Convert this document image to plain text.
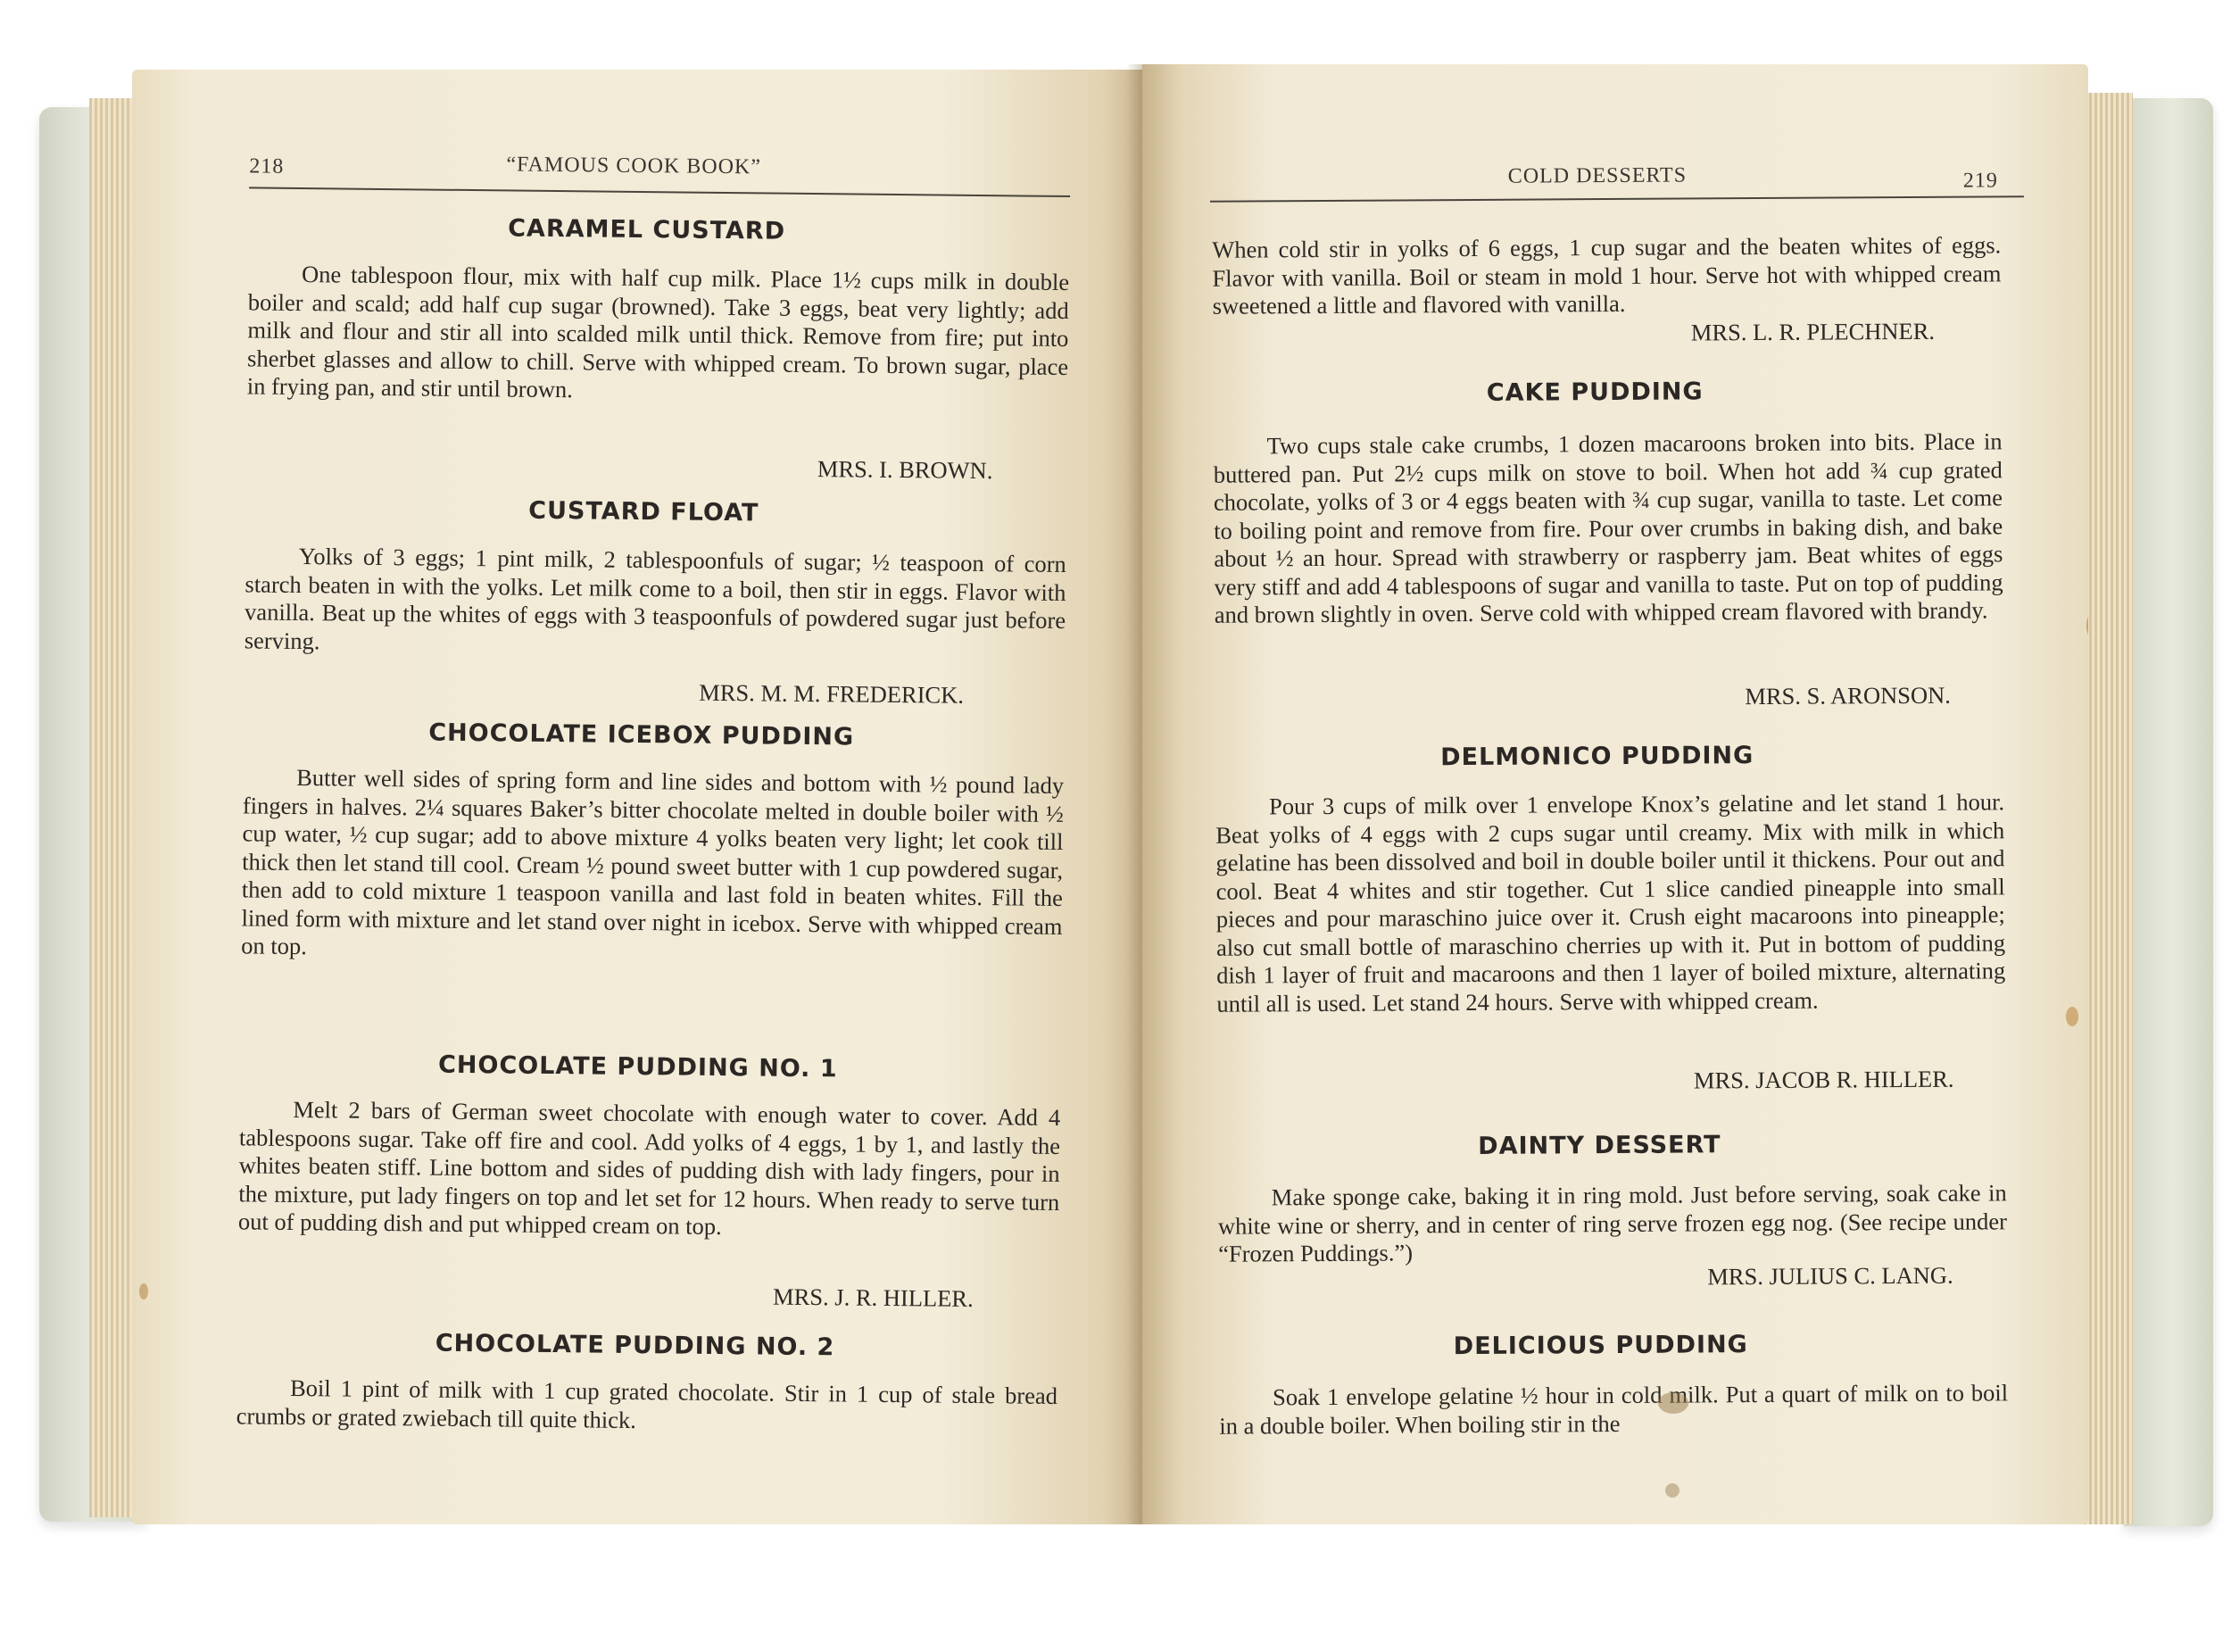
218	“FAMOUS COOK BOOK”
CARAMEL CUSTARD
One tablespoon flour, mix with half cup milk. Place 1½ cups milk in double boiler and scald; add half cup sugar (browned). Take 3 eggs, beat very lightly; add milk and flour and stir all into scalded milk until thick. Remove from fire; put into sherbet glasses and allow to chill. Serve with whipped cream. To brown sugar, place in frying pan, and stir until brown.
MRS. I. BROWN.
CUSTARD FLOAT
Yolks of 3 eggs; 1 pint milk, 2 tablespoonfuls of sugar; ½ teaspoon of corn starch beaten in with the yolks. Let milk come to a boil, then stir in eggs. Flavor with vanilla. Beat up the whites of eggs with 3 teaspoonfuls of powdered sugar just before serving.
MRS. M. M. FREDERICK.
CHOCOLATE ICEBOX PUDDING
Butter well sides of spring form and line sides and bottom with ½ pound lady fingers in halves. 2¼ squares Baker’s bitter chocolate melted in double boiler with ½ cup water, ½ cup sugar; add to above mixture 4 yolks beaten very light; let cook till thick then let stand till cool. Cream ½ pound sweet butter with 1 cup powdered sugar, then add to cold mixture 1 teaspoon vanilla and last fold in beaten whites. Fill the lined form with mixture and let stand over night in icebox. Serve with whipped cream on top.
CHOCOLATE PUDDING NO. 1
Melt 2 bars of German sweet chocolate with enough water to cover. Add 4 tablespoons sugar. Take off fire and cool. Add yolks of 4 eggs, 1 by 1, and lastly the whites beaten stiff. Line bottom and sides of pudding dish with lady fingers, pour in the mixture, put lady fingers on top and let set for 12 hours. When ready to serve turn out of pudding dish and put whipped cream on top.
MRS. J. R. HILLER.
CHOCOLATE PUDDING NO. 2
Boil 1 pint of milk with 1 cup grated chocolate. Stir in 1 cup of stale bread crumbs or grated zwiebach till quite thick.
COLD DESSERTS	219
When cold stir in yolks of 6 eggs, 1 cup sugar and the beaten whites of eggs. Flavor with vanilla. Boil or steam in mold 1 hour. Serve hot with whipped cream sweetened a little and flavored with vanilla.
MRS. L. R. PLECHNER.
CAKE PUDDING
Two cups stale cake crumbs, 1 dozen macaroons broken into bits. Place in buttered pan. Put 2½ cups milk on stove to boil. When hot add ¾ cup grated chocolate, yolks of 3 or 4 eggs beaten with ¾ cup sugar, vanilla to taste. Let come to boiling point and remove from fire. Pour over crumbs in baking dish, and bake about ½ an hour. Spread with strawberry or raspberry jam. Beat whites of eggs very stiff and add 4 tablespoons of sugar and vanilla to taste. Put on top of pudding and brown slightly in oven. Serve cold with whipped cream flavored with brandy.
MRS. S. ARONSON.
DELMONICO PUDDING
Pour 3 cups of milk over 1 envelope Knox’s gelatine and let stand 1 hour. Beat yolks of 4 eggs with 2 cups sugar until creamy. Mix with milk in which gelatine has been dissolved and boil in double boiler until it thickens. Pour out and cool. Beat 4 whites and stir together. Cut 1 slice candied pineapple into small pieces and pour maraschino juice over it. Crush eight macaroons into pineapple; also cut small bottle of maraschino cherries up with it. Put in bottom of pudding dish 1 layer of fruit and macaroons and then 1 layer of boiled mixture, alternating until all is used. Let stand 24 hours. Serve with whipped cream.
MRS. JACOB R. HILLER.
DAINTY DESSERT
Make sponge cake, baking it in ring mold. Just before serving, soak cake in white wine or sherry, and in center of ring serve frozen egg nog. (See recipe under “Frozen Puddings.”)
MRS. JULIUS C. LANG.
DELICIOUS PUDDING
Soak 1 envelope gelatine ½ hour in cold milk. Put a quart of milk on to boil in a double boiler. When boiling stir in the
